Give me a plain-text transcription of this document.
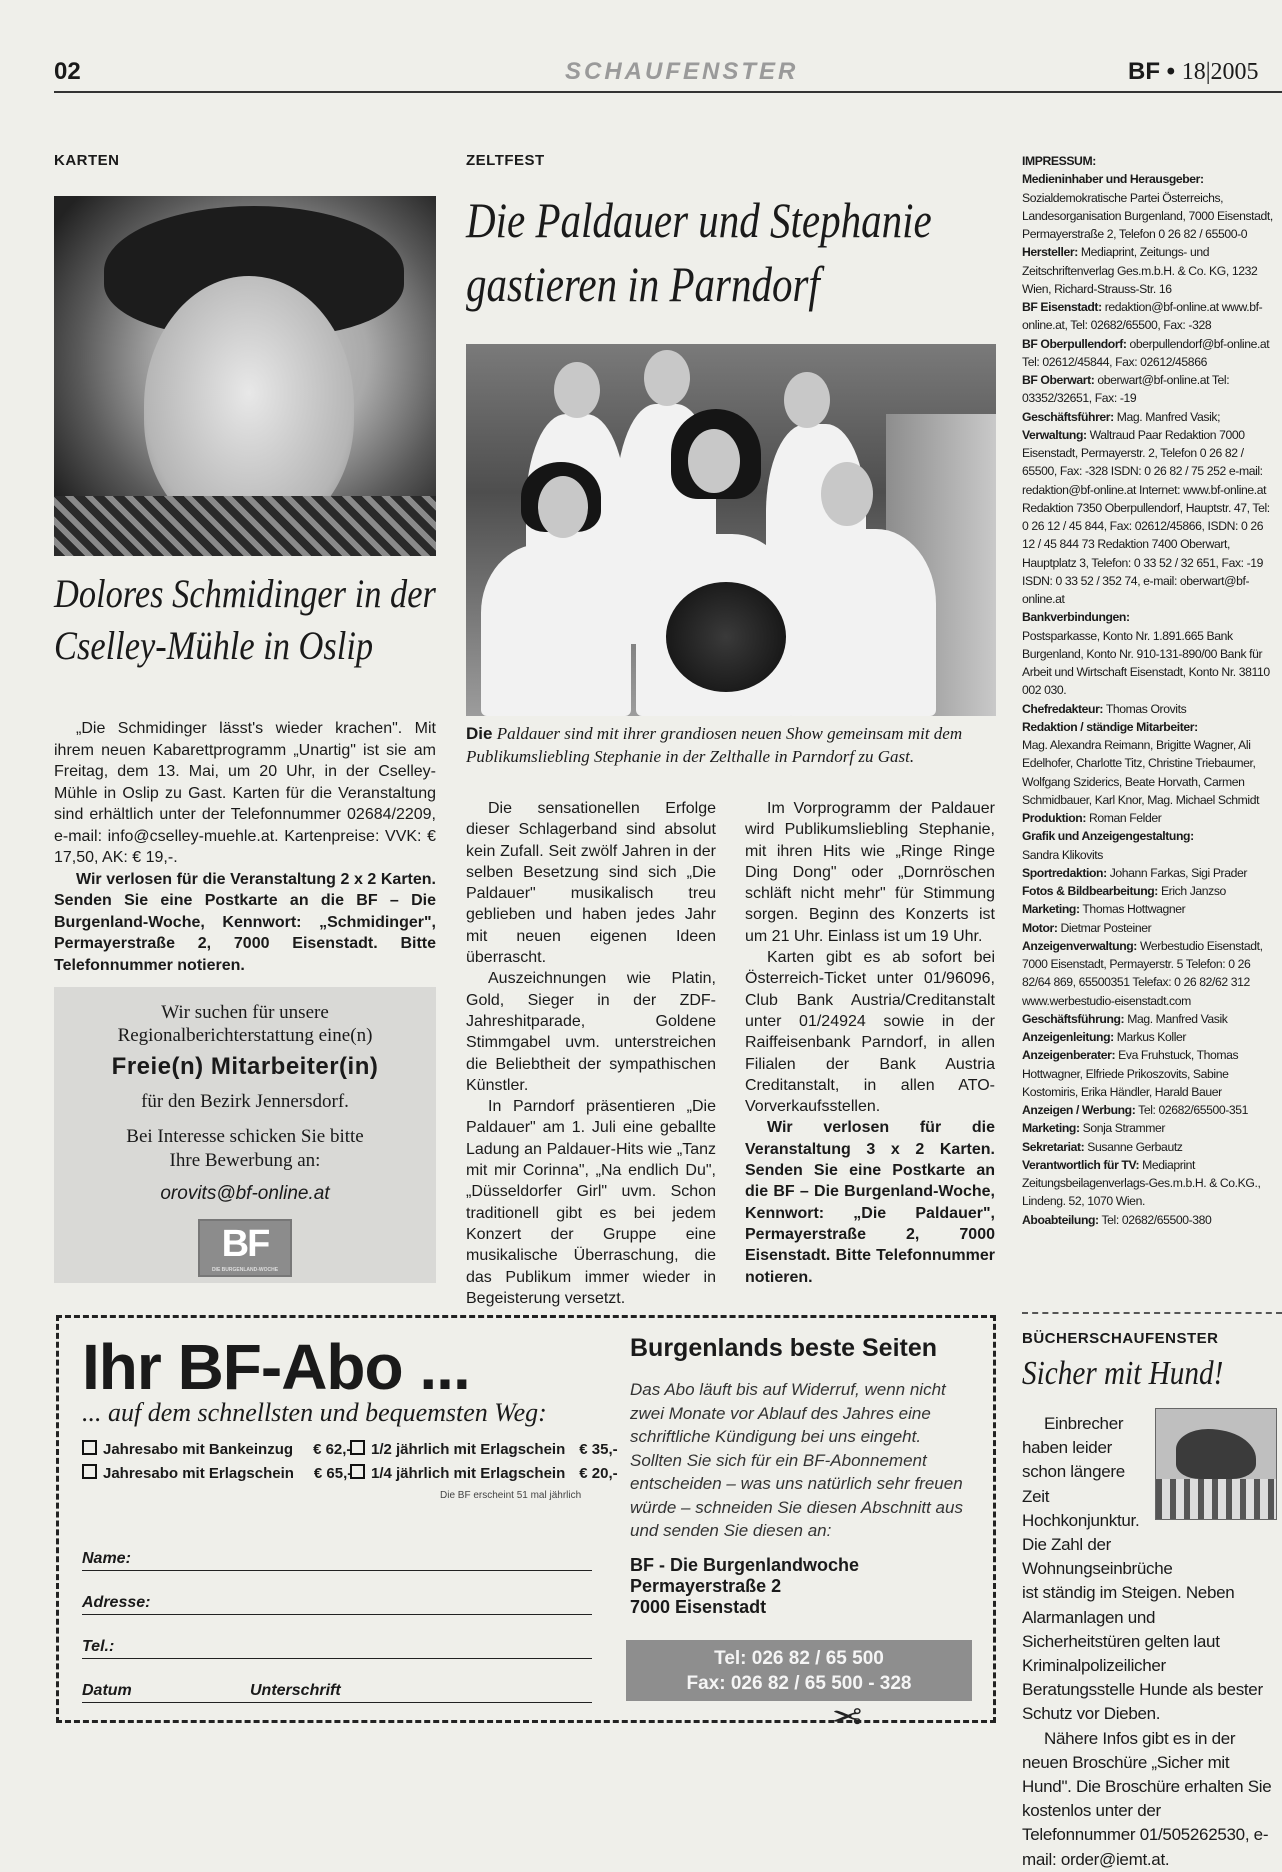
02	SCHAUFENSTER	BF • 18|2005
KARTEN
Dolores Schmidinger in der Cselley-Mühle in Oslip

„Die Schmidinger lässt's wieder krachen". Mit ihrem neuen Kabarettprogramm „Unartig" ist sie am Freitag, dem 13. Mai, um 20 Uhr, in der Cselley-Mühle in Oslip zu Gast. Karten für die Veranstaltung sind erhältlich unter der Telefonnummer 02684/2209, e-mail: info@cselley-muehle.at. Kartenpreise: VVK: € 17,50, AK: € 19,-.

Wir verlosen für die Veranstaltung 2 x 2 Karten. Senden Sie eine Postkarte an die BF – Die Burgenland-Woche, Kennwort: „Schmidinger", Permayerstraße 2, 7000 Eisenstadt. Bitte Telefonnummer notieren.

Wir suchen für unsere
Regionalberichterstattung eine(n)
Freie(n) Mitarbeiter(in)
für den Bezirk Jennersdorf.
Bei Interesse schicken Sie bitte
Ihre Bewerbung an:
orovits@bf-online.at
BF
DIE BURGENLAND-WOCHE
ZELTFEST
Die Paldauer und Stephanie
gastieren in Parndorf
Die Paldauer sind mit ihrer grandiosen neuen Show gemeinsam mit dem Publikumsliebling Stephanie in der Zelthalle in Parndorf zu Gast.

Die sensationellen Erfolge dieser Schlagerband sind absolut kein Zufall. Seit zwölf Jahren in der selben Besetzung sind sich „Die Paldauer" musikalisch treu geblieben und haben jedes Jahr mit neuen eigenen Ideen überrascht.

Auszeichnungen wie Platin, Gold, Sieger in der ZDF-Jahreshitparade, Goldene Stimmgabel uvm. unterstreichen die Beliebtheit der sympathischen Künstler.

In Parndorf präsentieren „Die Paldauer" am 1. Juli eine geballte Ladung an Paldauer-Hits wie „Tanz mit mir Corinna", „Na endlich Du", „Düsseldorfer Girl" uvm. Schon traditionell gibt es bei jedem Konzert der Gruppe eine musikalische Überraschung, die das Publikum immer wieder in Begeisterung versetzt.

Im Vorprogramm der Paldauer wird Publikumsliebling Stephanie, mit ihren Hits wie „Ringe Ringe Ding Dong" oder „Dornröschen schläft nicht mehr" für Stimmung sorgen. Beginn des Konzerts ist um 21 Uhr. Einlass ist um 19 Uhr.

Karten gibt es ab sofort bei Österreich-Ticket unter 01/96096, Club Bank Austria/Creditanstalt unter 01/24924 sowie in der Raiffeisenbank Parndorf, in allen Filialen der Bank Austria Creditanstalt, in allen ATO-Vorverkaufsstellen.

Wir verlosen für die Veranstaltung 3 x 2 Karten. Senden Sie eine Postkarte an die BF – Die Burgenland-Woche, Kennwort: „Die Paldauer", Permayerstraße 2, 7000 Eisenstadt. Bitte Telefonnummer notieren.

IMPRESSUM:
Medieninhaber und Herausgeber:
Sozialdemokratische Partei Österreichs, Landesorganisation Burgenland, 7000 Eisenstadt, Permayerstraße 2, Telefon 0 26 82 / 65500-0
Hersteller: Mediaprint, Zeitungs- und Zeitschriftenverlag Ges.m.b.H. & Co. KG, 1232 Wien, Richard-Strauss-Str. 16
BF Eisenstadt: redaktion@bf-online.at www.bf-online.at, Tel: 02682/65500, Fax: -328
BF Oberpullendorf: oberpullendorf@bf-online.at Tel: 02612/45844, Fax: 02612/45866
BF Oberwart: oberwart@bf-online.at Tel: 03352/32651, Fax: -19
Geschäftsführer: Mag. Manfred Vasik;
Verwaltung: Waltraud Paar Redaktion 7000 Eisenstadt, Permayerstr. 2, Telefon 0 26 82 / 65500, Fax: -328 ISDN: 0 26 82 / 75 252 e-mail: redaktion@bf-online.at Internet: www.bf-online.at Redaktion 7350 Oberpullendorf, Hauptstr. 47, Tel: 0 26 12 / 45 844, Fax: 02612/45866, ISDN: 0 26 12 / 45 844 73 Redaktion 7400 Oberwart, Hauptplatz 3, Telefon: 0 33 52 / 32 651, Fax: -19 ISDN: 0 33 52 / 352 74, e-mail: oberwart@bf-online.at
Bankverbindungen:
Postsparkasse, Konto Nr. 1.891.665 Bank Burgenland, Konto Nr. 910-131-890/00 Bank für Arbeit und Wirtschaft Eisenstadt, Konto Nr. 38110 002 030.
Chefredakteur: Thomas Orovits
Redaktion / ständige Mitarbeiter:
Mag. Alexandra Reimann, Brigitte Wagner, Ali Edelhofer, Charlotte Titz, Christine Triebaumer, Wolfgang Sziderics, Beate Horvath, Carmen Schmidbauer, Karl Knor, Mag. Michael Schmidt
Produktion: Roman Felder
Grafik und Anzeigengestaltung:
Sandra Klikovits
Sportredaktion: Johann Farkas, Sigi Prader
Fotos & Bildbearbeitung: Erich Janzso
Marketing: Thomas Hottwagner
Motor: Dietmar Posteiner
Anzeigenverwaltung: Werbestudio Eisenstadt, 7000 Eisenstadt, Permayerstr. 5 Telefon: 0 26 82/64 869, 65500351 Telefax: 0 26 82/62 312 www.werbestudio-eisenstadt.com
Geschäftsführung: Mag. Manfred Vasik
Anzeigenleitung: Markus Koller
Anzeigenberater: Eva Fruhstuck, Thomas Hottwagner, Elfriede Prikoszovits, Sabine Kostomiris, Erika Händler, Harald Bauer
Anzeigen / Werbung: Tel: 02682/65500-351
Marketing: Sonja Strammer
Sekretariat: Susanne Gerbautz
Verantwortlich für TV: Mediaprint Zeitungsbeilagenverlags-Ges.m.b.H. & Co.KG., Lindeng. 52, 1070 Wien.
Aboabteilung: Tel: 02682/65500-380
BÜCHERSCHAUFENSTER
Sicher mit Hund!

Einbrecher haben leider schon längere Zeit Hochkonjunktur. Die Zahl der Wohnungseinbrüche

ist ständig im Steigen. Neben Alarmanlagen und Sicherheitstüren gelten laut Kriminalpolizeilicher Beratungsstelle Hunde als bester Schutz vor Dieben.

Nähere Infos gibt es in der neuen Broschüre „Sicher mit Hund". Die Broschüre erhalten Sie kostenlos unter der Telefonnummer 01/505262530, e-mail: order@iemt.at.

Ihr BF-Abo ...
... auf dem schnellsten und bequemsten Weg:
Jahresabo mit Bankeinzug € 62,-
Jahresabo mit Erlagschein € 65,-
1/2 jährlich mit Erlagschein € 35,-
1/4 jährlich mit Erlagschein € 20,-
Die BF erscheint 51 mal jährlich
Name:
Adresse:
Tel.:
Datum	Unterschrift
Burgenlands beste Seiten
Das Abo läuft bis auf Widerruf, wenn nicht zwei Monate vor Ablauf des Jahres eine schriftliche Kündigung bei uns eingeht. Sollten Sie sich für ein BF-Abonnement entscheiden – was uns natürlich sehr freuen würde – schneiden Sie diesen Abschnitt aus und senden Sie diesen an:
BF - Die Burgenlandwoche
Permayerstraße 2
7000 Eisenstadt
Tel: 026 82 / 65 500
Fax: 026 82 / 65 500 - 328
✂
